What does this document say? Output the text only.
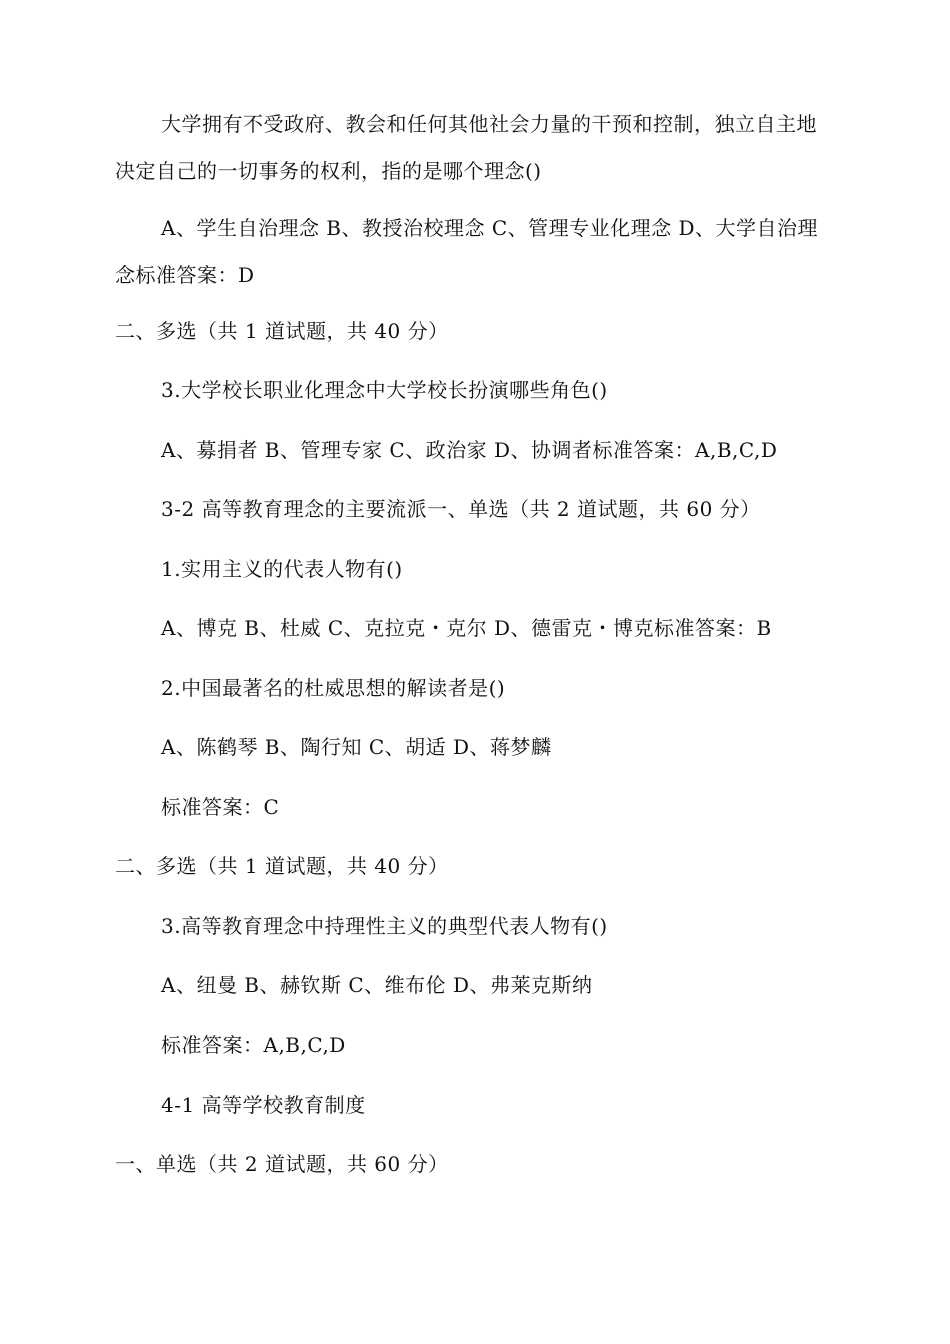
大学拥有不受政府、教会和任何其他社会力量的干预和控制，独立自主地决定自己的一切事务的权利，指的是哪个理念()
A、学生自治理念 B、教授治校理念 C、管理专业化理念 D、大学自治理念标准答案：D
二、多选（共 1 道试题，共 40 分）
3.大学校长职业化理念中大学校长扮演哪些角色()
A、募捐者 B、管理专家 C、政治家 D、协调者标准答案：A,B,C,D
3-2 高等教育理念的主要流派一、单选（共 2 道试题，共 60 分）
1.实用主义的代表人物有()
A、博克 B、杜威 C、克拉克・克尔 D、德雷克・博克标准答案：B
2.中国最著名的杜威思想的解读者是()
A、陈鹤琴 B、陶行知 C、胡适 D、蒋梦麟
标准答案：C
二、多选（共 1 道试题，共 40 分）
3.高等教育理念中持理性主义的典型代表人物有()
A、纽曼 B、赫钦斯 C、维布伦 D、弗莱克斯纳
标准答案：A,B,C,D
4-1 高等学校教育制度
一、单选（共 2 道试题，共 60 分）
